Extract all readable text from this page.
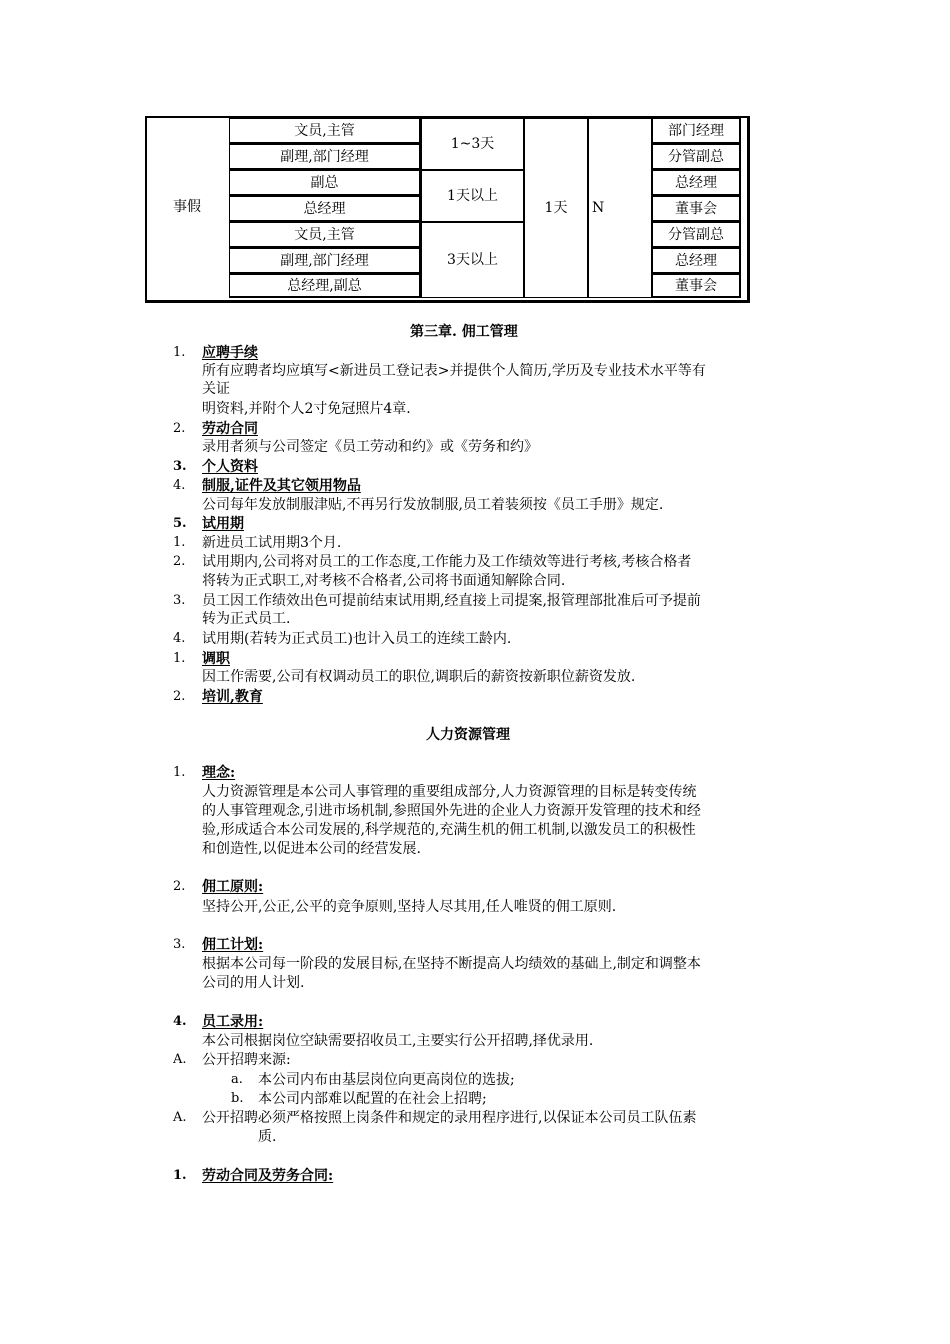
事假
文员,主管
副理,部门经理
副总
总经理
文员,主管
副理,部门经理
总经理,副总
1~3天
1天以上
3天以上
1天	N
部门经理
分管副总
总经理
董事会
分管副总
总经理
董事会
第三章. 佣工管理
1. 应聘手续
所有应聘者均应填写<新进员工登记表>并提供个人简历,学历及专业技术水平等有
关证
明资料,并附个人2寸免冠照片4章.
2. 劳动合同
录用者须与公司签定《员工劳动和约》或《劳务和约》
3. 个人资料
4. 制服,证件及其它领用物品
公司每年发放制服津贴,不再另行发放制服,员工着装须按《员工手册》规定.
5. 试用期
1. 新进员工试用期3个月.
2. 试用期内,公司将对员工的工作态度,工作能力及工作绩效等进行考核,考核合格者
将转为正式职工,对考核不合格者,公司将书面通知解除合同.
3. 员工因工作绩效出色可提前结束试用期,经直接上司提案,报管理部批准后可予提前
转为正式员工.
4. 试用期(若转为正式员工)也计入员工的连续工龄内.
1. 调职
因工作需要,公司有权调动员工的职位,调职后的薪资按新职位薪资发放.
2. 培训,教育
人力资源管理
1. 理念:
人力资源管理是本公司人事管理的重要组成部分,人力资源管理的目标是转变传统
的人事管理观念,引进市场机制,参照国外先进的企业人力资源开发管理的技术和经
验,形成适合本公司发展的,科学规范的,充满生机的佣工机制,以激发员工的积极性
和创造性,以促进本公司的经营发展.
2. 佣工原则:
坚持公开,公正,公平的竞争原则,坚持人尽其用,任人唯贤的佣工原则.
3. 佣工计划:
根据本公司每一阶段的发展目标,在坚持不断提高人均绩效的基础上,制定和调整本
公司的用人计划.
4. 员工录用:
本公司根据岗位空缺需要招收员工,主要实行公开招聘,择优录用.
A. 公开招聘来源:
a. 本公司内布由基层岗位向更高岗位的选拔;
b. 本公司内部难以配置的在社会上招聘;
A. 公开招聘必须严格按照上岗条件和规定的录用程序进行,以保证本公司员工队伍素
质.
1. 劳动合同及劳务合同:
